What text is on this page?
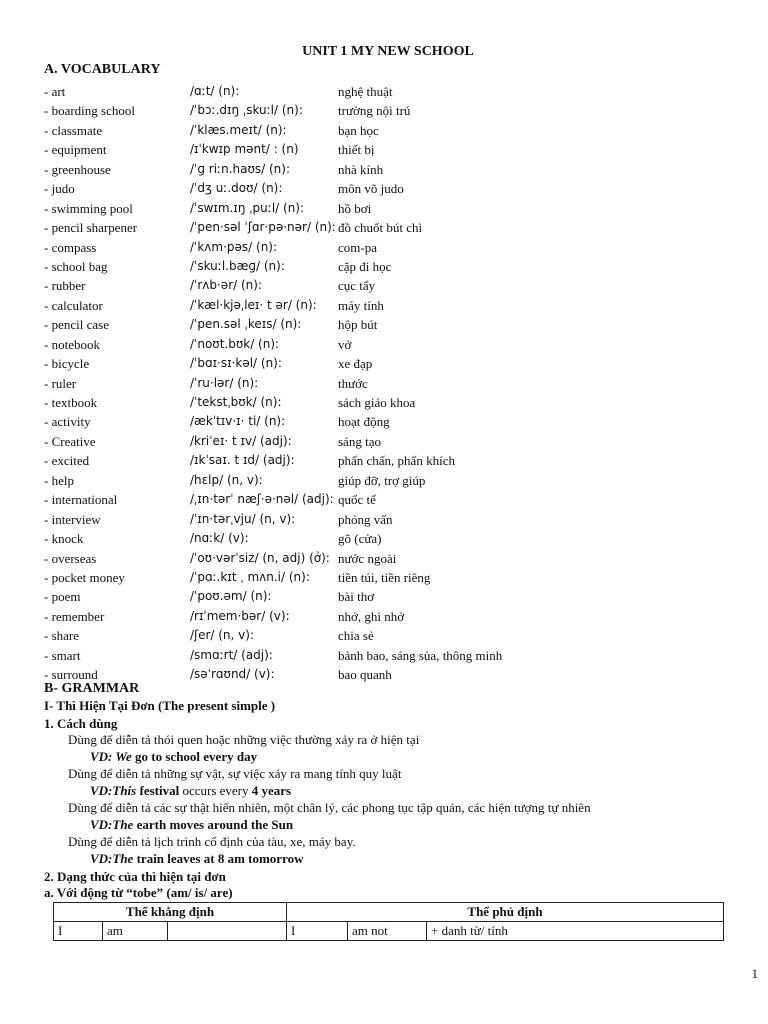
UNIT 1 MY NEW SCHOOL
A. VOCABULARY
- art	/ɑːt/ (n):	nghệ thuật
- boarding school	/ˈbɔː.dɪŋ ˌskuːl/ (n):	trường nội trú
- classmate	/ˈklæs.meɪt/ (n):	bạn học
- equipment	/ɪˈkwɪp mənt/ : (n)	thiết bị
- greenhouse	/ˈɡ riːn.haʊs/ (n):	nhà kính
- judo	/ˈdʒ uː.doʊ/ (n):	môn võ judo
- swimming pool	/ˈswɪm.ɪŋ ˌpuːl/ (n):	hồ bơi
- pencil sharpener	/ˈpen·səl ˈʃɑr·pə·nər/ (n): đồ chuốt bút chì
- compass	/ˈkʌm·pəs/ (n):	com-pa
- school bag	/ˈskuːl.bæɡ/ (n):	cặp đi học
- rubber	/ˈrʌb·ər/ (n):	cục tẩy
- calculator	/ˈkæl·kjəˌleɪ· t ər/ (n): máy tính
- pencil case	/ˈpen.səl ˌkeɪs/ (n):	hộp bút
- notebook	/ˈnoʊt.bʊk/ (n):	vở
- bicycle	/ˈbɑɪ·sɪ·kəl/ (n):	xe đạp
- ruler	/ˈru·lər/ (n):	thước
- textbook	/ˈtekstˌbʊk/ (n):	sách giáo khoa
- activity	/ækˈtɪv·ɪ· ti/ (n):	hoạt động
- Creative	/kriˈeɪ· t ɪv/ (adj):	sáng tạo
- excited	/ɪkˈsaɪ. t ɪd/ (adj):	phấn chấn, phấn khích
- help	/hɛlp/ (n, v):	giúp đỡ, trợ giúp
- international	/ˌɪn·tərˈ næʃ·ə·nəl/ (adj): quốc tế
- interview	/ˈɪn·tərˌvju/ (n, v):	phỏng vấn
- knock	/nɑːk/ (v):	gõ (cửa)
- overseas	/ˈoʊ·vərˈsiz/ (n, adj) (ở): nước ngoài
- pocket money	/ˈpɑː.kɪt ˌ mʌn.i/ (n): tiền túi, tiền riêng
- poem	/ˈpoʊ.əm/ (n):	bài thơ
- remember	/rɪˈmem·bər/ (v):	nhớ, ghi nhớ
- share	/ʃer/ (n, v):	chia sẻ
- smart	/smɑːrt/ (adj):	bảnh bao, sáng sủa, thông minh
- surround	/səˈrɑʊnd/ (v):	bao quanh
B- GRAMMAR
I- Thì Hiện Tại Đơn (The present simple )
1. Cách dùng
Dùng để diễn tả thói quen hoặc những việc thường xảy ra ở hiện tại
VD: We go to school every day
Dùng để diễn tả những sự vật, sự việc xảy ra mang tính quy luật
VD:This festival occurs every 4 years
Dùng để diễn tả các sự thật hiển nhiên, một chân lý, các phong tục tập quán, các hiện tượng tự nhiên
VD:The earth moves around the Sun
Dùng để diễn tả lịch trình cố định của tàu, xe, máy bay.
VD:The train leaves at 8 am tomorrow
2. Dạng thức của thì hiện tại đơn
a. Với động từ “tobe” (am/ is/ are)
Thể khẳng định			Thể phủ định		
I	am		I	am not	+ danh từ/ tính
1
